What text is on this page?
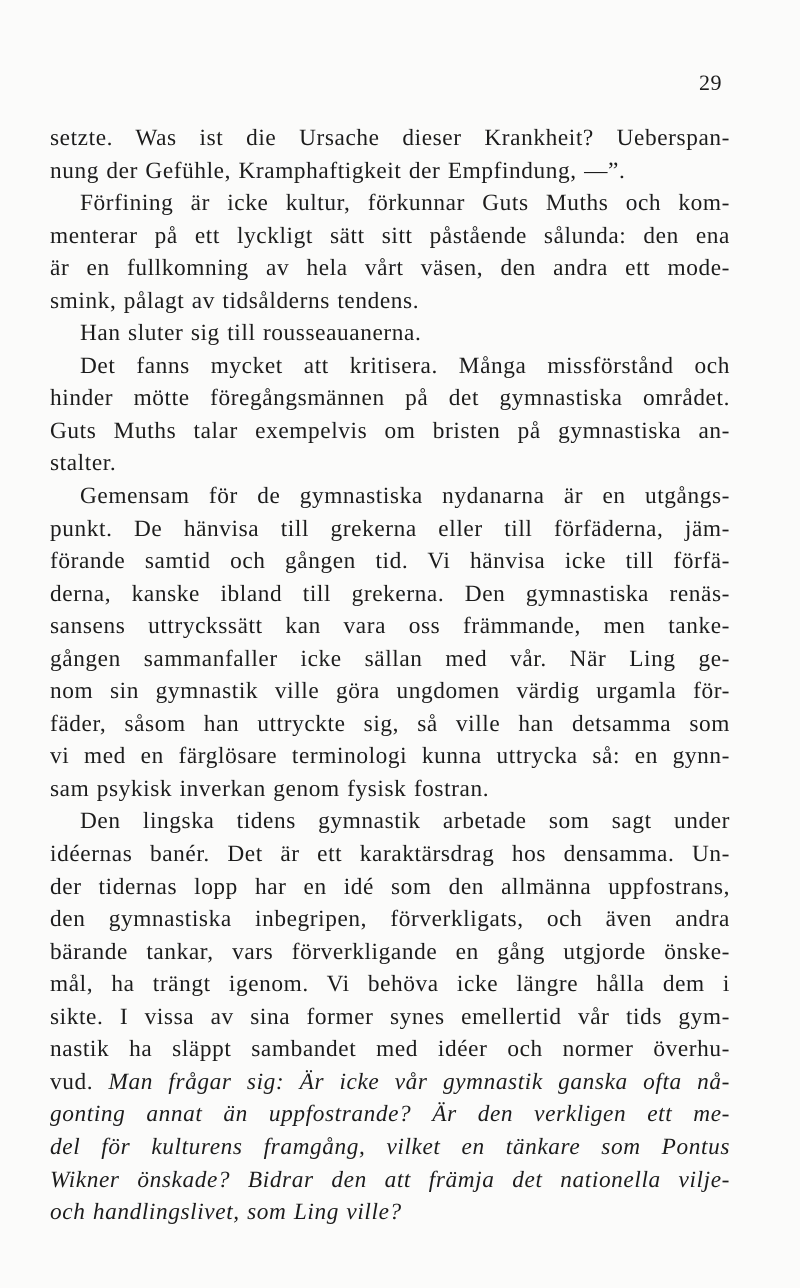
29
setzte. Was ist die Ursache dieser Krankheit? Ueberspan-
nung der Gefühle, Kramphaftigkeit der Empfindung, —”.
Förfining är icke kultur, förkunnar Guts Muths och kom-
menterar på ett lyckligt sätt sitt påstående sålunda: den ena
är en fullkomning av hela vårt väsen, den andra ett mode-
smink, pålagt av tidsålderns tendens.
Han sluter sig till rousseauanerna.
Det fanns mycket att kritisera. Många missförstånd och
hinder mötte föregångsmännen på det gymnastiska området.
Guts Muths talar exempelvis om bristen på gymnastiska an-
stalter.
Gemensam för de gymnastiska nydanarna är en utgångs-
punkt. De hänvisa till grekerna eller till förfäderna, jäm-
förande samtid och gången tid. Vi hänvisa icke till förfä-
derna, kanske ibland till grekerna. Den gymnastiska renäs-
sansens uttryckssätt kan vara oss främmande, men tanke-
gången sammanfaller icke sällan med vår. När Ling ge-
nom sin gymnastik ville göra ungdomen värdig urgamla för-
fäder, såsom han uttryckte sig, så ville han detsamma som
vi med en färglösare terminologi kunna uttrycka så: en gynn-
sam psykisk inverkan genom fysisk fostran.
Den lingska tidens gymnastik arbetade som sagt under
idéernas banér. Det är ett karaktärsdrag hos densamma. Un-
der tidernas lopp har en idé som den allmänna uppfostrans,
den gymnastiska inbegripen, förverkligats, och även andra
bärande tankar, vars förverkligande en gång utgjorde önske-
mål, ha trängt igenom. Vi behöva icke längre hålla dem i
sikte. I vissa av sina former synes emellertid vår tids gym-
nastik ha släppt sambandet med idéer och normer överhu-
vud. Man frågar sig: Är icke vår gymnastik ganska ofta nå-
gonting annat än uppfostrande? Är den verkligen ett me-
del för kulturens framgång, vilket en tänkare som Pontus
Wikner önskade? Bidrar den att främja det nationella vilje-
och handlingslivet, som Ling ville?
